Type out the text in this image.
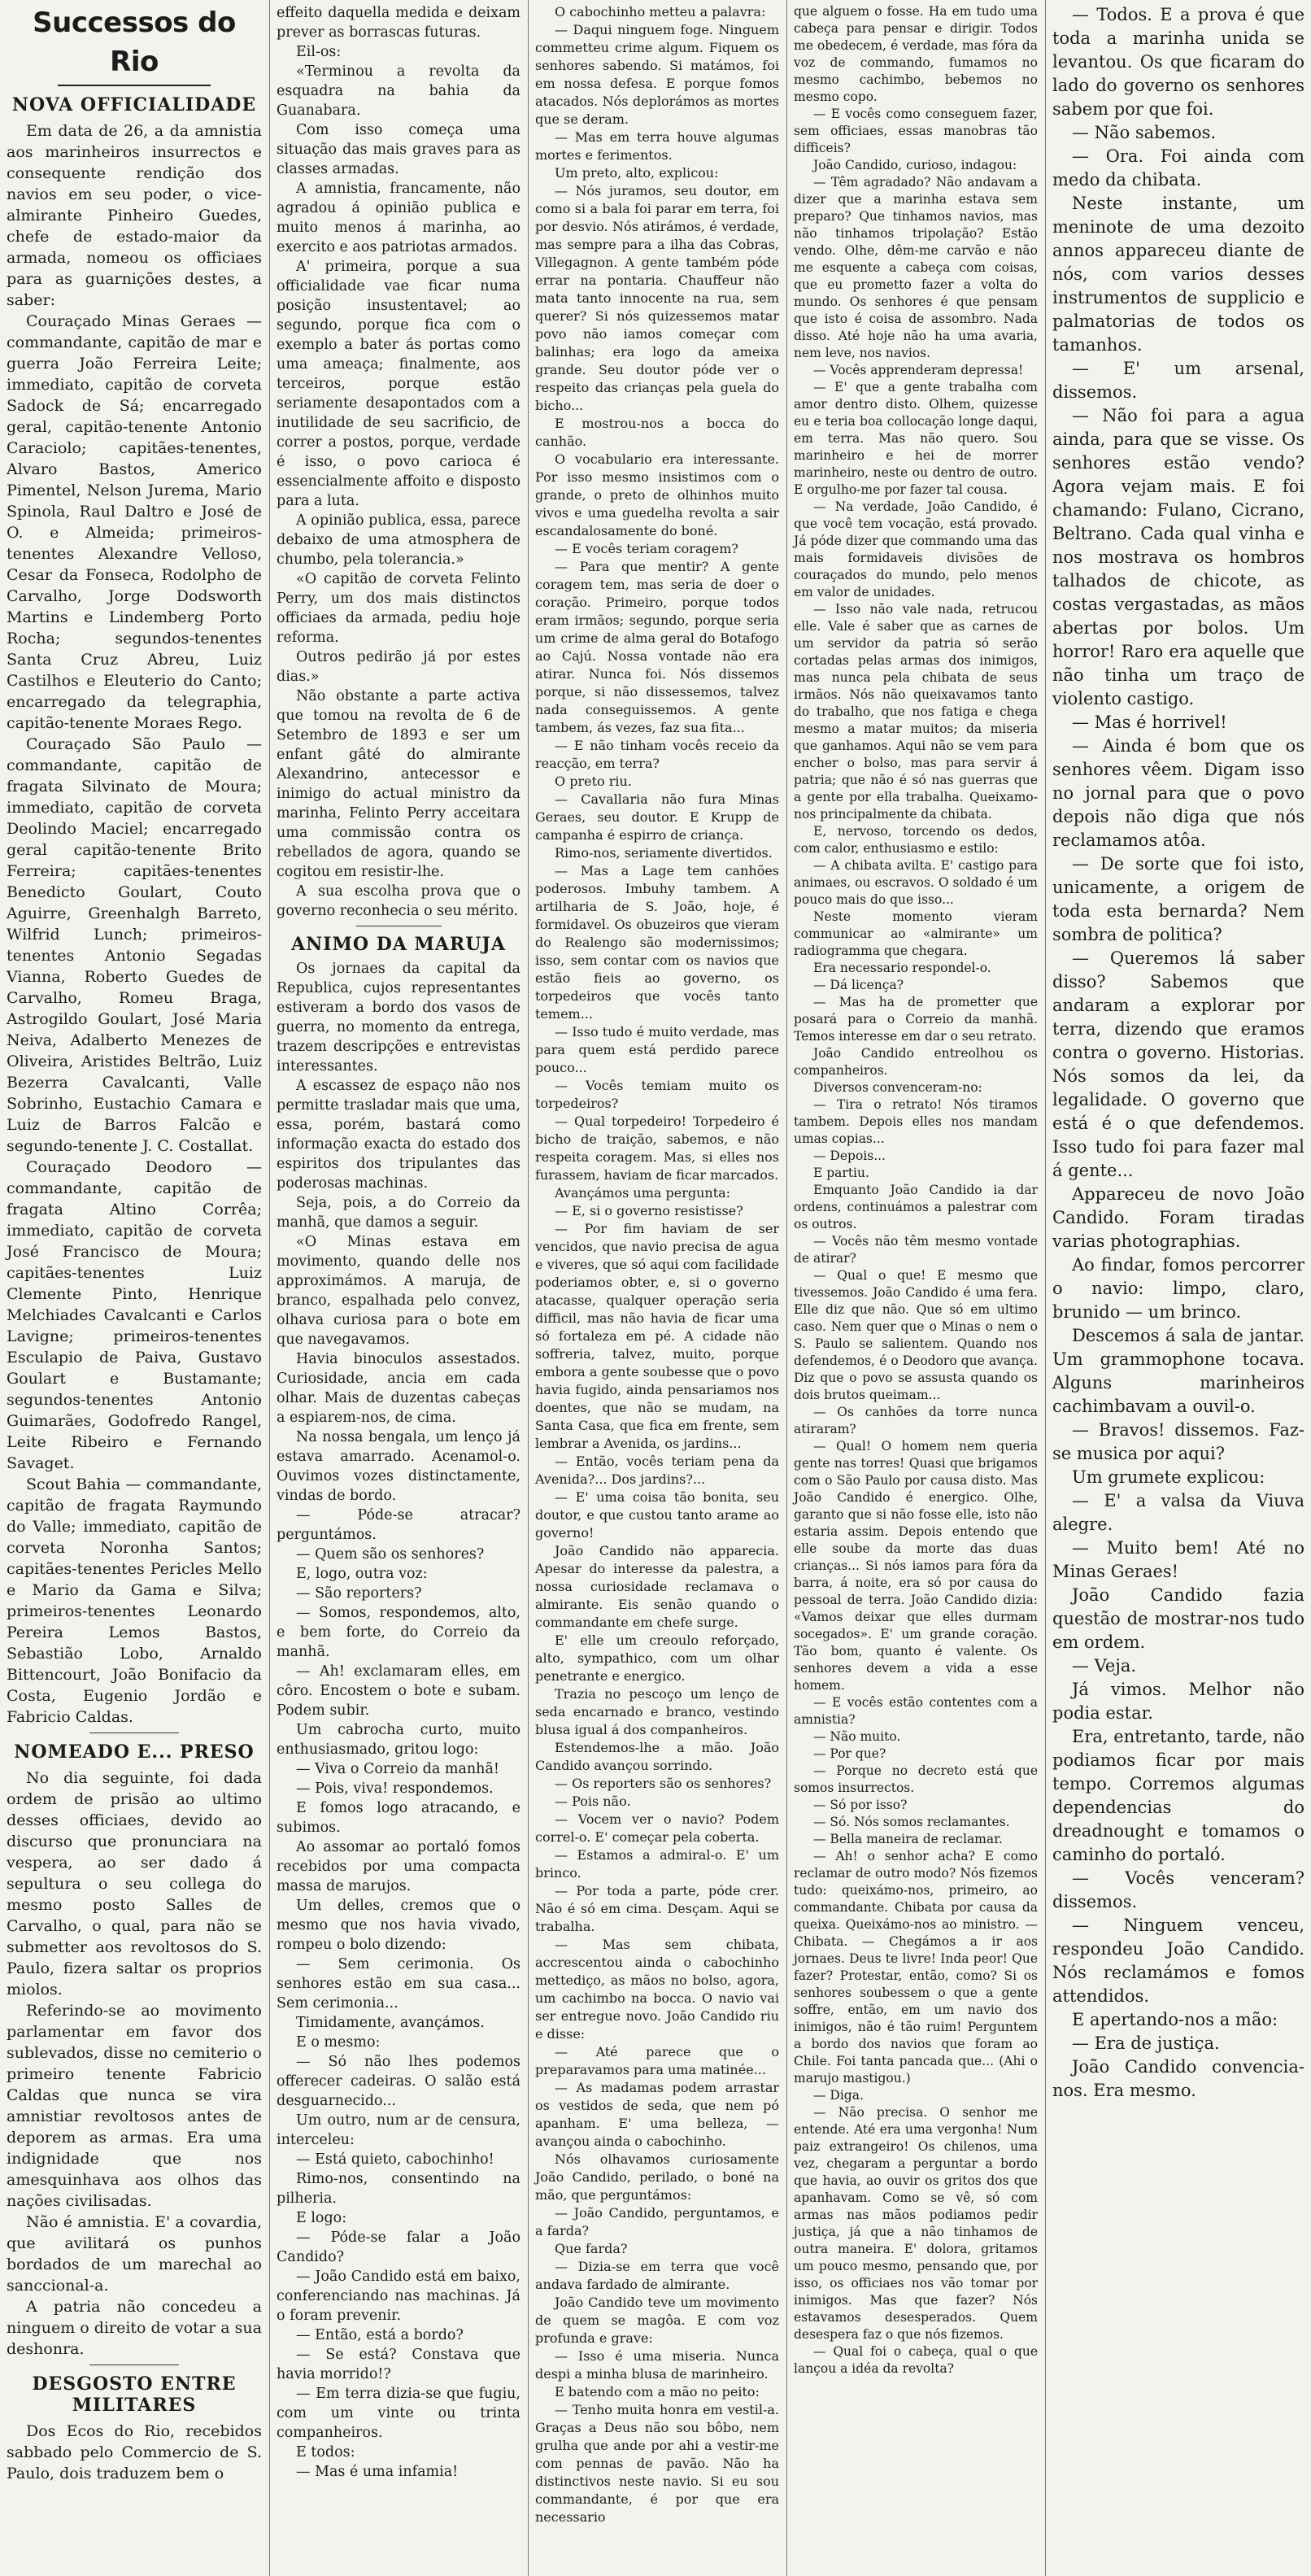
Successos do Rio
NOVA OFFICIALIDADE

Em data de 26, a da amnistia aos marinheiros insurrectos e consequente rendição dos navios em seu poder, o vice-almirante Pinheiro Guedes, chefe de estado-maior da armada, nomeou os officiaes para as guarnições destes, a saber:

Couraçado Minas Geraes — commandante, capitão de mar e guerra João Ferreira Leite; immediato, capitão de corveta Sadock de Sá; encarregado geral, capitão-tenente Antonio Caraciolo; capitães-tenentes, Alvaro Bastos, Americo Pimentel, Nelson Jurema, Mario Spinola, Raul Daltro e José de O. e Almeida; primeiros-tenentes Alexandre Velloso, Cesar da Fonseca, Rodolpho de Carvalho, Jorge Dodsworth Martins e Lindemberg Porto Rocha; segundos-tenentes Santa Cruz Abreu, Luiz Castilhos e Eleuterio do Canto; encarregado da telegraphia, capitão-tenente Moraes Rego.

Couraçado São Paulo — commandante, capitão de fragata Silvinato de Moura; immediato, capitão de corveta Deolindo Maciel; encarregado geral capitão-tenente Brito Ferreira; capitães-tenentes Benedicto Goulart, Couto Aguirre, Greenhalgh Barreto, Wilfrid Lunch; primeiros-tenentes Antonio Segadas Vianna, Roberto Guedes de Carvalho, Romeu Braga, Astrogildo Goulart, José Maria Neiva, Adalberto Menezes de Oliveira, Aristides Beltrão, Luiz Bezerra Cavalcanti, Valle Sobrinho, Eustachio Camara e Luiz de Barros Falcão e segundo-tenente J. C. Costallat.

Couraçado Deodoro — commandante, capitão de fragata Altino Corrêa; immediato, capitão de corveta José Francisco de Moura; capitães-tenentes Luiz Clemente Pinto, Henrique Melchiades Cavalcanti e Carlos Lavigne; primeiros-tenentes Esculapio de Paiva, Gustavo Goulart e Bustamante; segundos-tenentes Antonio Guimarães, Godofredo Rangel, Leite Ribeiro e Fernando Savaget.

Scout Bahia — commandante, capitão de fragata Raymundo do Valle; immediato, capitão de corveta Noronha Santos; capitães-tenentes Pericles Mello e Mario da Gama e Silva; primeiros-tenentes Leonardo Pereira Lemos Bastos, Sebastião Lobo, Arnaldo Bittencourt, João Bonifacio da Costa, Eugenio Jordão e Fabricio Caldas.

NOMEADO E... PRESO

No dia seguinte, foi dada ordem de prisão ao ultimo desses officiaes, devido ao discurso que pronunciara na vespera, ao ser dado á sepultura o seu collega do mesmo posto Salles de Carvalho, o qual, para não se submetter aos revoltosos do S. Paulo, fizera saltar os proprios miolos.

Referindo-se ao movimento parlamentar em favor dos sublevados, disse no cemiterio o primeiro tenente Fabricio Caldas que nunca se vira amnistiar revoltosos antes de deporem as armas. Era uma indignidade que nos amesquinhava aos olhos das nações civilisadas.

Não é amnistia. E' a covardia, que avilitará os punhos bordados de um marechal ao sanccional-a.

A patria não concedeu a ninguem o direito de votar a sua deshonra.

DESGOSTO ENTRE MILITARES

Dos Ecos do Rio, recebidos sabbado pelo Commercio de S. Paulo, dois traduzem bem o

effeito daquella medida e deixam prever as borrascas futuras.

Eil-os:

«Terminou a revolta da esquadra na bahia da Guanabara.

Com isso começa uma situação das mais graves para as classes armadas.

A amnistia, francamente, não agradou á opinião publica e muito menos á marinha, ao exercito e aos patriotas armados.

A' primeira, porque a sua officialidade vae ficar numa posição insustentavel; ao segundo, porque fica com o exemplo a bater ás portas como uma ameaça; finalmente, aos terceiros, porque estão seriamente desapontados com a inutilidade de seu sacrificio, de correr a postos, porque, verdade é isso, o povo carioca é essencialmente affoito e disposto para a luta.

A opinião publica, essa, parece debaixo de uma atmosphera de chumbo, pela tolerancia.»

«O capitão de corveta Felinto Perry, um dos mais distinctos officiaes da armada, pediu hoje reforma.

Outros pedirão já por estes dias.»

Não obstante a parte activa que tomou na revolta de 6 de Setembro de 1893 e ser um enfant gâté do almirante Alexandrino, antecessor e inimigo do actual ministro da marinha, Felinto Perry acceitara uma commissão contra os rebellados de agora, quando se cogitou em resistir-lhe.

A sua escolha prova que o governo reconhecia o seu mérito.

ANIMO DA MARUJA

Os jornaes da capital da Republica, cujos representantes estiveram a bordo dos vasos de guerra, no momento da entrega, trazem descripções e entrevistas interessantes.

A escassez de espaço não nos permitte trasladar mais que uma, essa, porém, bastará como informação exacta do estado dos espiritos dos tripulantes das poderosas machinas.

Seja, pois, a do Correio da manhã, que damos a seguir.

«O Minas estava em movimento, quando delle nos approximámos. A maruja, de branco, espalhada pelo convez, olhava curiosa para o bote em que navegavamos.

Havia binoculos assestados. Curiosidade, ancia em cada olhar. Mais de duzentas cabeças a espiarem-nos, de cima.

Na nossa bengala, um lenço já estava amarrado. Acenamol-o. Ouvimos vozes distinctamente, vindas de bordo.

— Póde-se atracar? perguntámos.

— Quem são os senhores?

E, logo, outra voz:

— São reporters?

— Somos, respondemos, alto, e bem forte, do Correio da manhã.

— Ah! exclamaram elles, em côro. Encostem o bote e subam. Podem subir.

Um cabrocha curto, muito enthusiasmado, gritou logo:

— Viva o Correio da manhã!

— Pois, viva! respondemos.

E fomos logo atracando, e subimos.

Ao assomar ao portaló fomos recebidos por uma compacta massa de marujos.

Um delles, cremos que o mesmo que nos havia vivado, rompeu o bolo dizendo:

— Sem cerimonia. Os senhores estão em sua casa... Sem cerimonia...

Timidamente, avançámos.

E o mesmo:

— Só não lhes podemos offerecer cadeiras. O salão está desguarnecido...

Um outro, num ar de censura, interceleu:

— Está quieto, cabochinho!

Rimo-nos, consentindo na pilheria.

E logo:

— Póde-se falar a João Candido?

— João Candido está em baixo, conferenciando nas machinas. Já o foram prevenir.

— Então, está a bordo?

— Se está? Constava que havia morrido!?

— Em terra dizia-se que fugiu, com um vinte ou trinta companheiros.

E todos:

— Mas é uma infamia!

O cabochinho metteu a palavra:

— Daqui ninguem foge. Ninguem commetteu crime algum. Fiquem os senhores sabendo. Si matámos, foi em nossa defesa. E porque fomos atacados. Nós deplorámos as mortes que se deram.

— Mas em terra houve algumas mortes e ferimentos.

Um preto, alto, explicou:

— Nós juramos, seu doutor, em como si a bala foi parar em terra, foi por desvio. Nós atirámos, é verdade, mas sempre para a ilha das Cobras, Villegagnon. A gente também póde errar na pontaria. Chauffeur não mata tanto innocente na rua, sem querer? Si nós quizessemos matar povo não iamos começar com balinhas; era logo da ameixa grande. Seu doutor póde ver o respeito das crianças pela guela do bicho...

E mostrou-nos a bocca do canhão.

O vocabulario era interessante. Por isso mesmo insistimos com o grande, o preto de olhinhos muito vivos e uma guedelha revolta a sair escandalosamente do boné.

— E vocês teriam coragem?

— Para que mentir? A gente coragem tem, mas seria de doer o coração. Primeiro, porque todos eram irmãos; segundo, porque seria um crime de alma geral do Botafogo ao Cajú. Nossa vontade não era atirar. Nunca foi. Nós dissemos porque, si não dissessemos, talvez nada conseguissemos. A gente tambem, ás vezes, faz sua fita...

— E não tinham vocês receio da reacção, em terra?

O preto riu.

— Cavallaria não fura Minas Geraes, seu doutor. E Krupp de campanha é espirro de criança.

Rimo-nos, seriamente divertidos.

— Mas a Lage tem canhões poderosos. Imbuhy tambem. A artilharia de S. João, hoje, é formidavel. Os obuzeiros que vieram do Realengo são modernissimos; isso, sem contar com os navios que estão fieis ao governo, os torpedeiros que vocês tanto temem...

— Isso tudo é muito verdade, mas para quem está perdido parece pouco...

— Vocês temiam muito os torpedeiros?

— Qual torpedeiro! Torpedeiro é bicho de traição, sabemos, e não respeita coragem. Mas, si elles nos furassem, haviam de ficar marcados.

Avançámos uma pergunta:

— E, si o governo resistisse?

— Por fim haviam de ser vencidos, que navio precisa de agua e viveres, que só aqui com facilidade poderiamos obter, e, si o governo atacasse, qualquer operação seria difficil, mas não havia de ficar uma só fortaleza em pé. A cidade não soffreria, talvez, muito, porque embora a gente soubesse que o povo havia fugido, ainda pensariamos nos doentes, que não se mudam, na Santa Casa, que fica em frente, sem lembrar a Avenida, os jardins...

— Então, vocês teriam pena da Avenida?... Dos jardins?...

— E' uma coisa tão bonita, seu doutor, e que custou tanto arame ao governo!

João Candido não apparecia. Apesar do interesse da palestra, a nossa curiosidade reclamava o almirante. Eis senão quando o commandante em chefe surge.

E' elle um creoulo reforçado, alto, sympathico, com um olhar penetrante e energico.

Trazia no pescoço um lenço de seda encarnado e branco, vestindo blusa igual á dos companheiros.

Estendemos-lhe a mão. João Candido avançou sorrindo.

— Os reporters são os senhores?

— Pois não.

— Vocem ver o navio? Podem correl-o. E' começar pela coberta.

— Estamos a admiral-o. E' um brinco.

— Por toda a parte, póde crer. Não é só em cima. Desçam. Aqui se trabalha.

— Mas sem chibata, accrescentou ainda o cabochinho mettediço, as mãos no bolso, agora, um cachimbo na bocca. O navio vai ser entregue novo. João Candido riu e disse:

— Até parece que o preparavamos para uma matinée...

— As madamas podem arrastar os vestidos de seda, que nem pó apanham. E' uma belleza, — avançou ainda o cabochinho.

Nós olhavamos curiosamente João Candido, perilado, o boné na mão, que perguntámos:

— João Candido, perguntamos, e a farda?

Que farda?

— Dizia-se em terra que você andava fardado de almirante.

João Candido teve um movimento de quem se magôa. E com voz profunda e grave:

— Isso é uma miseria. Nunca despi a minha blusa de marinheiro.

E batendo com a mão no peito:

— Tenho muita honra em vestil-a. Graças a Deus não sou bôbo, nem grulha que ande por ahi a vestir-me com pennas de pavão. Não ha distinctivos neste navio. Si eu sou commandante, é por que era necessario

que alguem o fosse. Ha em tudo uma cabeça para pensar e dirigir. Todos me obedecem, é verdade, mas fóra da voz de commando, fumamos no mesmo cachimbo, bebemos no mesmo copo.

— E vocês como conseguem fazer, sem officiaes, essas manobras tão difficeis?

João Candido, curioso, indagou:

— Têm agradado? Não andavam a dizer que a marinha estava sem preparo? Que tinhamos navios, mas não tinhamos tripolação? Estão vendo. Olhe, dêm-me carvão e não me esquente a cabeça com coisas, que eu prometto fazer a volta do mundo. Os senhores é que pensam que isto é coisa de assombro. Nada disso. Até hoje não ha uma avaria, nem leve, nos navios.

— Vocês apprenderam depressa!

— E' que a gente trabalha com amor dentro disto. Olhem, quizesse eu e teria boa collocação longe daqui, em terra. Mas não quero. Sou marinheiro e hei de morrer marinheiro, neste ou dentro de outro. E orgulho-me por fazer tal cousa.

— Na verdade, João Candido, é que você tem vocação, está provado. Já póde dizer que commando uma das mais formidaveis divisões de couraçados do mundo, pelo menos em valor de unidades.

— Isso não vale nada, retrucou elle. Vale é saber que as carnes de um servidor da patria só serão cortadas pelas armas dos inimigos, mas nunca pela chibata de seus irmãos. Nós não queixavamos tanto do trabalho, que nos fatiga e chega mesmo a matar muitos; da miseria que ganhamos. Aqui não se vem para encher o bolso, mas para servir á patria; que não é só nas guerras que a gente por ella trabalha. Queixamo-nos principalmente da chibata.

E, nervoso, torcendo os dedos, com calor, enthusiasmo e estilo:

— A chibata avilta. E' castigo para animaes, ou escravos. O soldado é um pouco mais do que isso...

Neste momento vieram communicar ao «almirante» um radiogramma que chegara.

Era necessario respondel-o.

— Dá licença?

— Mas ha de prometter que posará para o Correio da manhã. Temos interesse em dar o seu retrato.

João Candido entreolhou os companheiros.

Diversos convenceram-no:

— Tira o retrato! Nós tiramos tambem. Depois elles nos mandam umas copias...

— Depois...

E partiu.

Emquanto João Candido ia dar ordens, continuámos a palestrar com os outros.

— Vocês não têm mesmo vontade de atirar?

— Qual o que! E mesmo que tivessemos. João Candido é uma fera. Elle diz que não. Que só em ultimo caso. Nem quer que o Minas o nem o S. Paulo se salientem. Quando nos defendemos, é o Deodoro que avança. Diz que o povo se assusta quando os dois brutos queimam...

— Os canhões da torre nunca atiraram?

— Qual! O homem nem queria gente nas torres! Quasi que brigamos com o São Paulo por causa disto. Mas João Candido é energico. Olhe, garanto que si não fosse elle, isto não estaria assim. Depois entendo que elle soube da morte das duas crianças... Si nós iamos para fóra da barra, á noite, era só por causa do pessoal de terra. João Candido dizia: «Vamos deixar que elles durmam socegados». E' um grande coração. Tão bom, quanto é valente. Os senhores devem a vida a esse homem.

— E vocês estão contentes com a amnistia?

— Não muito.

— Por que?

— Porque no decreto está que somos insurrectos.

— Só por isso?

— Só. Nós somos reclamantes.

— Bella maneira de reclamar.

— Ah! o senhor acha? E como reclamar de outro modo? Nós fizemos tudo: queixámo-nos, primeiro, ao commandante. Chibata por causa da queixa. Queixámo-nos ao ministro. — Chibata. — Chegámos a ir aos jornaes. Deus te livre! Inda peor! Que fazer? Protestar, então, como? Si os senhores soubessem o que a gente soffre, então, em um navio dos inimigos, não é tão ruim! Perguntem a bordo dos navios que foram ao Chile. Foi tanta pancada que... (Ahi o marujo mastigou.)

— Diga.

— Não precisa. O senhor me entende. Até era uma vergonha! Num paiz extrangeiro! Os chilenos, uma vez, chegaram a perguntar a bordo que havia, ao ouvir os gritos dos que apanhavam. Como se vê, só com armas nas mãos podiamos pedir justiça, já que a não tinhamos de outra maneira. E' dolora, gritamos um pouco mesmo, pensando que, por isso, os officiaes nos vão tomar por inimigos. Mas que fazer? Nós estavamos desesperados. Quem desespera faz o que nós fizemos.

— Qual foi o cabeça, qual o que lançou a idéa da revolta?

— Todos. E a prova é que toda a marinha unida se levantou. Os que ficaram do lado do governo os senhores sabem por que foi.

— Não sabemos.

— Ora. Foi ainda com medo da chibata.

Neste instante, um meninote de uma dezoito annos appareceu diante de nós, com varios desses instrumentos de supplicio e palmatorias de todos os tamanhos.

— E' um arsenal, dissemos.

— Não foi para a agua ainda, para que se visse. Os senhores estão vendo? Agora vejam mais. E foi chamando: Fulano, Cicrano, Beltrano. Cada qual vinha e nos mostrava os hombros talhados de chicote, as costas vergastadas, as mãos abertas por bolos. Um horror! Raro era aquelle que não tinha um traço de violento castigo.

— Mas é horrivel!

— Ainda é bom que os senhores vêem. Digam isso no jornal para que o povo depois não diga que nós reclamamos atôa.

— De sorte que foi isto, unicamente, a origem de toda esta bernarda? Nem sombra de politica?

— Queremos lá saber disso? Sabemos que andaram a explorar por terra, dizendo que eramos contra o governo. Historias. Nós somos da lei, da legalidade. O governo que está é o que defendemos. Isso tudo foi para fazer mal á gente...

Appareceu de novo João Candido. Foram tiradas varias photographias.

Ao findar, fomos percorrer o navio: limpo, claro, brunido — um brinco.

Descemos á sala de jantar. Um grammophone tocava. Alguns marinheiros cachimbavam a ouvil-o.

— Bravos! dissemos. Faz-se musica por aqui?

Um grumete explicou:

— E' a valsa da Viuva alegre.

— Muito bem! Até no Minas Geraes!

João Candido fazia questão de mostrar-nos tudo em ordem.

— Veja.

Já vimos. Melhor não podia estar.

Era, entretanto, tarde, não podiamos ficar por mais tempo. Corremos algumas dependencias do dreadnought e tomamos o caminho do portaló.

— Vocês venceram? dissemos.

— Ninguem venceu, respondeu João Candido. Nós reclamámos e fomos attendidos.

E apertando-nos a mão:

— Era de justiça.

João Candido convencia-nos. Era mesmo.
